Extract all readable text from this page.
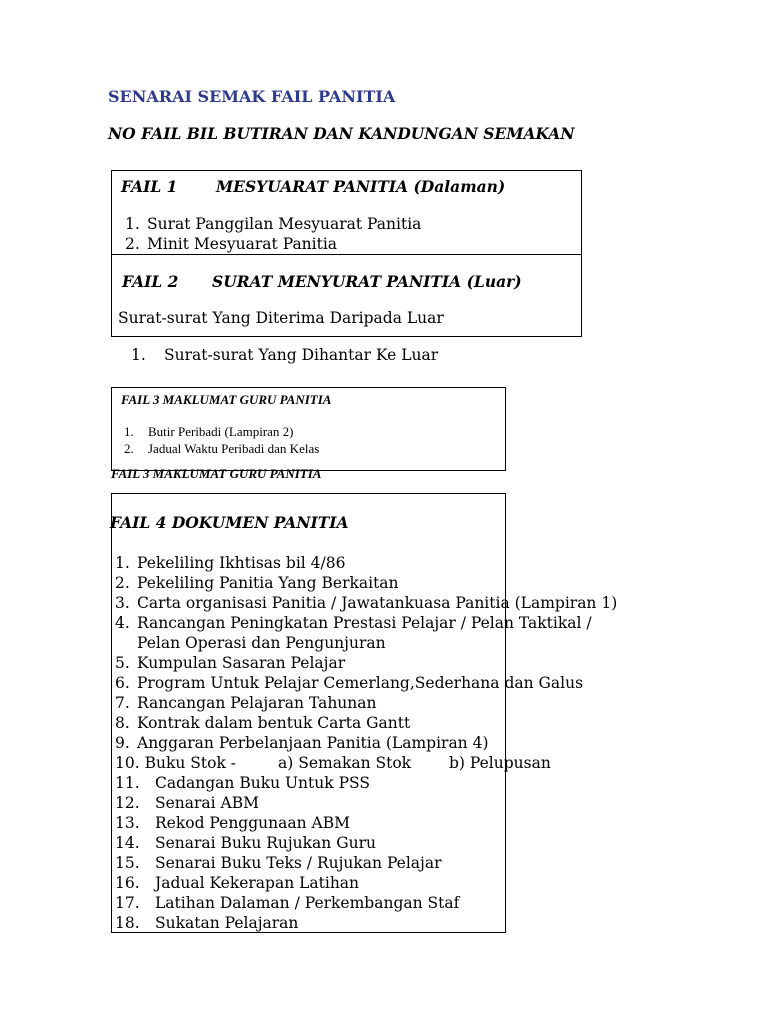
SENARAI SEMAK FAIL PANITIA
NO FAIL BIL BUTIRAN DAN KANDUNGAN SEMAKAN
FAIL 1 MESYUARAT PANITIA (Dalaman)
1. Surat Panggilan Mesyuarat Panitia
2. Minit Mesyuarat Panitia
FAIL 2 SURAT MENYURAT PANITIA (Luar)
Surat-surat Yang Diterima Daripada Luar
1. Surat-surat Yang Dihantar Ke Luar
FAIL 3 MAKLUMAT GURU PANITIA
1. Butir Peribadi (Lampiran 2)
2. Jadual Waktu Peribadi dan Kelas
FAIL 3 MAKLUMAT GURU PANITIA
FAIL 4 DOKUMEN PANITIA
1. Pekeliling Ikhtisas bil 4/86
2. Pekeliling Panitia Yang Berkaitan
3. Carta organisasi Panitia / Jawatankuasa Panitia (Lampiran 1)
4. Rancangan Peningkatan Prestasi Pelajar / Pelan Taktikal /
Pelan Operasi dan Pengunjuran
5. Kumpulan Sasaran Pelajar
6. Program Untuk Pelajar Cemerlang,Sederhana dan Galus
7. Rancangan Pelajaran Tahunan
8. Kontrak dalam bentuk Carta Gantt
9. Anggaran Perbelanjaan Panitia (Lampiran 4)
10. Buku Stok -	a) Semakan Stok b) Pelupusan
11. Cadangan Buku Untuk PSS
12. Senarai ABM
13. Rekod Penggunaan ABM
14. Senarai Buku Rujukan Guru
15. Senarai Buku Teks / Rujukan Pelajar
16. Jadual Kekerapan Latihan
17. Latihan Dalaman / Perkembangan Staf
18. Sukatan Pelajaran
